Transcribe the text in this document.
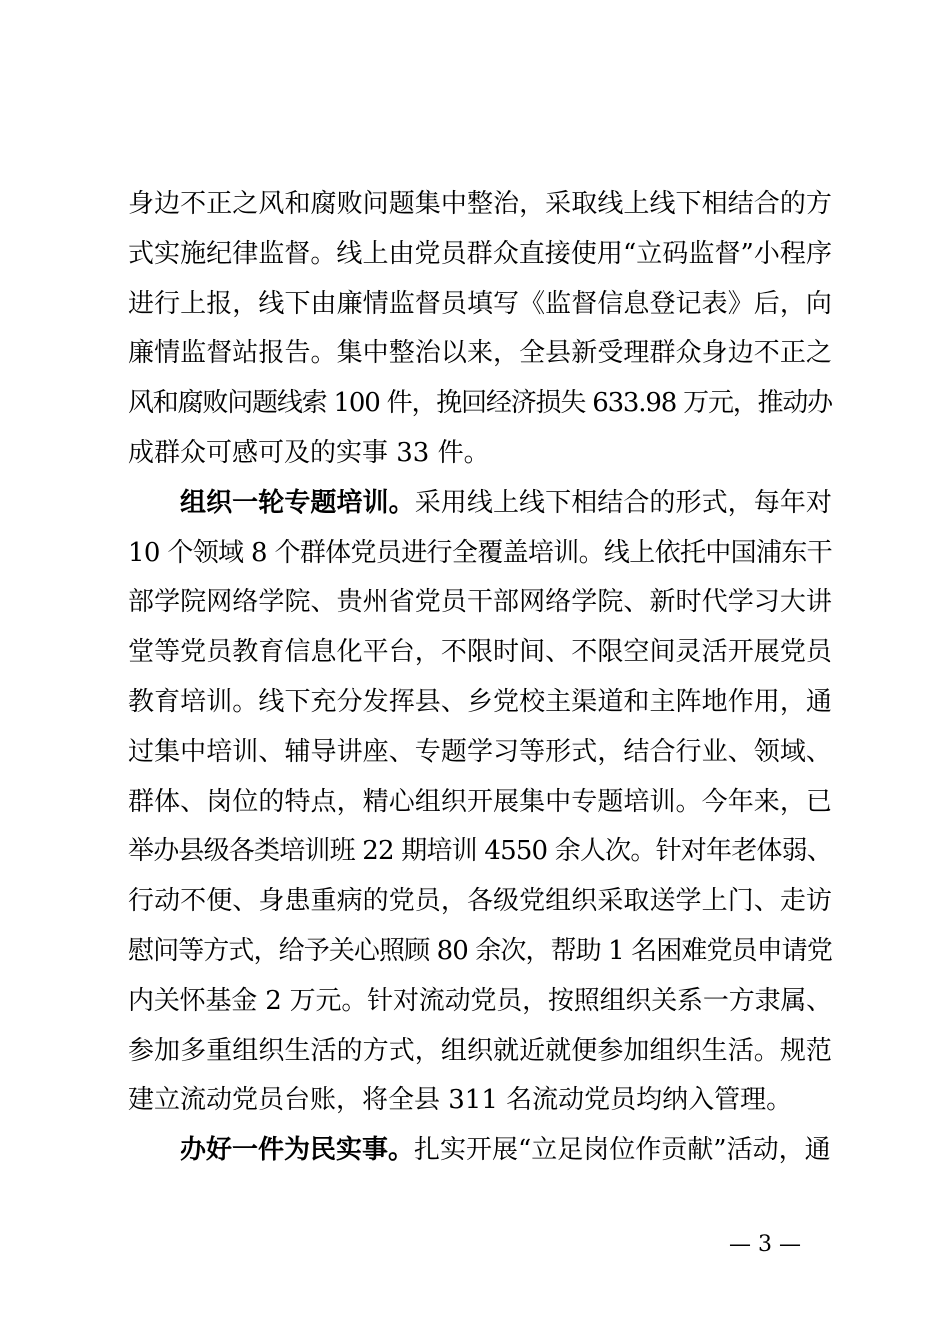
身边不正之风和腐败问题集中整治，采取线上线下相结合的方
式实施纪律监督。线上由党员群众直接使用“立码监督”小程序
进行上报，线下由廉情监督员填写《监督信息登记表》后，向
廉情监督站报告。集中整治以来，全县新受理群众身边不正之
风和腐败问题线索 100 件，挽回经济损失 633.98 万元，推动办
成群众可感可及的实事 33 件。
组织一轮专题培训。采用线上线下相结合的形式，每年对
10 个领域 8 个群体党员进行全覆盖培训。线上依托中国浦东干
部学院网络学院、贵州省党员干部网络学院、新时代学习大讲
堂等党员教育信息化平台，不限时间、不限空间灵活开展党员
教育培训。线下充分发挥县、乡党校主渠道和主阵地作用，通
过集中培训、辅导讲座、专题学习等形式，结合行业、领域、
群体、岗位的特点，精心组织开展集中专题培训。今年来，已
举办县级各类培训班 22 期培训 4550 余人次。针对年老体弱、
行动不便、身患重病的党员，各级党组织采取送学上门、走访
慰问等方式，给予关心照顾 80 余次，帮助 1 名困难党员申请党
内关怀基金 2 万元。针对流动党员，按照组织关系一方隶属、
参加多重组织生活的方式，组织就近就便参加组织生活。规范
建立流动党员台账，将全县 311 名流动党员均纳入管理。
办好一件为民实事。扎实开展“立足岗位作贡献”活动，通
— 3 —
